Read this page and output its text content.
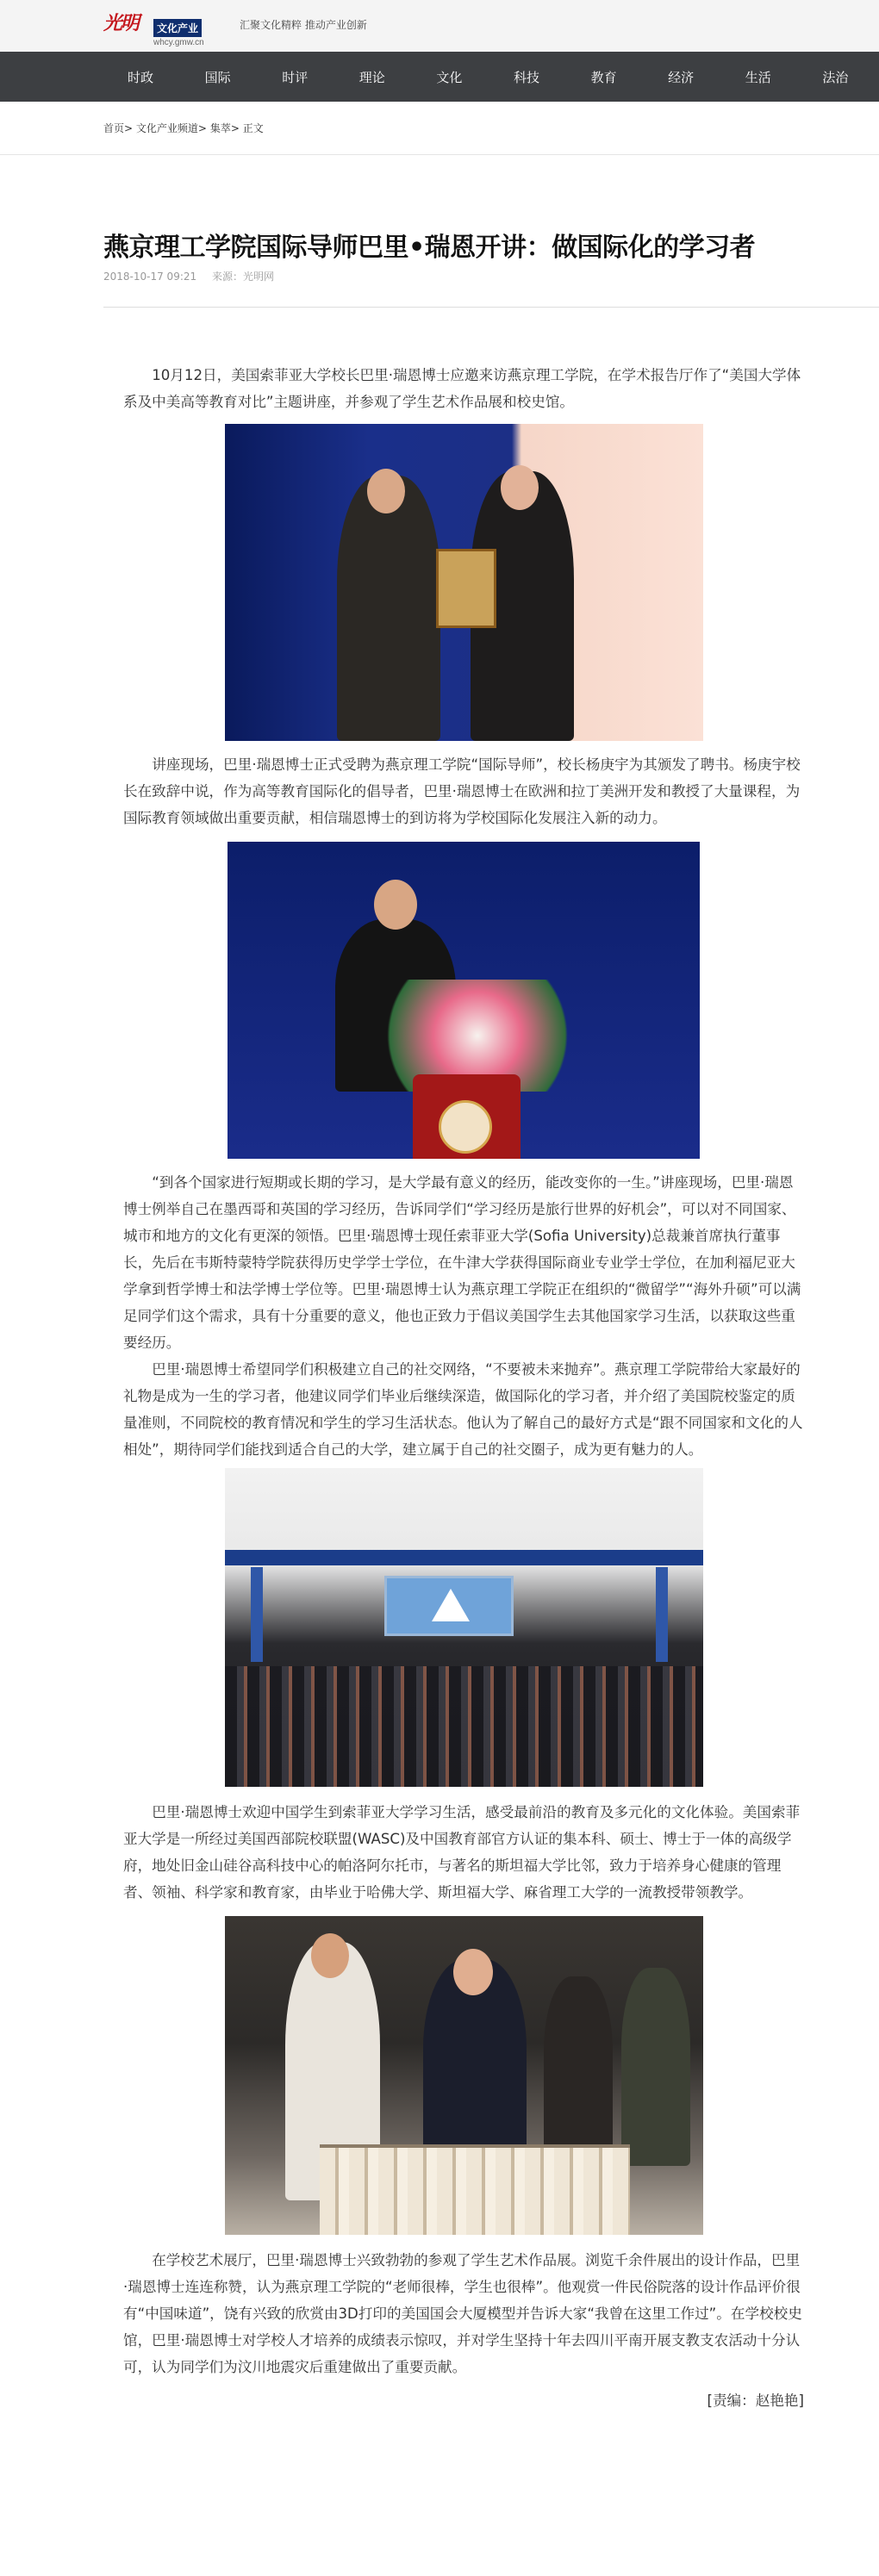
光明	文化产业
whcy.gmw.cn
汇聚文化精粹 推动产业创新
时政	国际	时评	理论	文化	科技	教育	经济	生活	法治
首页 >
文化产业频道 >
集萃 >
正文
燕京理工学院国际导师巴里•瑞恩开讲：做国际化的学习者
2018-10-17 09:21 来源：光明网

10月12日，美国索菲亚大学校长巴里·瑞恩博士应邀来访燕京理工学院，在学术报告厅作了“美国大学体系及中美高等教育对比”主题讲座，并参观了学生艺术作品展和校史馆。

讲座现场，巴里·瑞恩博士正式受聘为燕京理工学院“国际导师”，校长杨庚宇为其颁发了聘书。杨庚宇校长在致辞中说，作为高等教育国际化的倡导者，巴里·瑞恩博士在欧洲和拉丁美洲开发和教授了大量课程，为国际教育领域做出重要贡献，相信瑞恩博士的到访将为学校国际化发展注入新的动力。

“到各个国家进行短期或长期的学习，是大学最有意义的经历，能改变你的一生。”讲座现场，巴里·瑞恩博士例举自己在墨西哥和英国的学习经历，告诉同学们“学习经历是旅行世界的好机会”，可以对不同国家、城市和地方的文化有更深的领悟。巴里·瑞恩博士现任索菲亚大学(Sofia University)总裁兼首席执行董事长，先后在韦斯特蒙特学院获得历史学学士学位，在牛津大学获得国际商业专业学士学位，在加利福尼亚大学拿到哲学博士和法学博士学位等。巴里·瑞恩博士认为燕京理工学院正在组织的“微留学”“海外升硕”可以满足同学们这个需求，具有十分重要的意义，他也正致力于倡议美国学生去其他国家学习生活，以获取这些重要经历。

巴里·瑞恩博士希望同学们积极建立自己的社交网络，“不要被未来抛弃”。燕京理工学院带给大家最好的礼物是成为一生的学习者，他建议同学们毕业后继续深造，做国际化的学习者，并介绍了美国院校鉴定的质量准则，不同院校的教育情况和学生的学习生活状态。他认为了解自己的最好方式是“跟不同国家和文化的人相处”，期待同学们能找到适合自己的大学，建立属于自己的社交圈子，成为更有魅力的人。

巴里·瑞恩博士欢迎中国学生到索菲亚大学学习生活，感受最前沿的教育及多元化的文化体验。美国索菲亚大学是一所经过美国西部院校联盟(WASC)及中国教育部官方认证的集本科、硕士、博士于一体的高级学府，地处旧金山硅谷高科技中心的帕洛阿尔托市，与著名的斯坦福大学比邻，致力于培养身心健康的管理者、领袖、科学家和教育家，由毕业于哈佛大学、斯坦福大学、麻省理工大学的一流教授带领教学。

在学校艺术展厅，巴里·瑞恩博士兴致勃勃的参观了学生艺术作品展。浏览千余件展出的设计作品，巴里·瑞恩博士连连称赞，认为燕京理工学院的“老师很棒，学生也很棒”。他观赏一件民俗院落的设计作品评价很有“中国味道”，饶有兴致的欣赏由3D打印的美国国会大厦模型并告诉大家“我曾在这里工作过”。在学校校史馆，巴里·瑞恩博士对学校人才培养的成绩表示惊叹，并对学生坚持十年去四川平南开展支教支农活动十分认可，认为同学们为汶川地震灾后重建做出了重要贡献。

[责编：赵艳艳]
